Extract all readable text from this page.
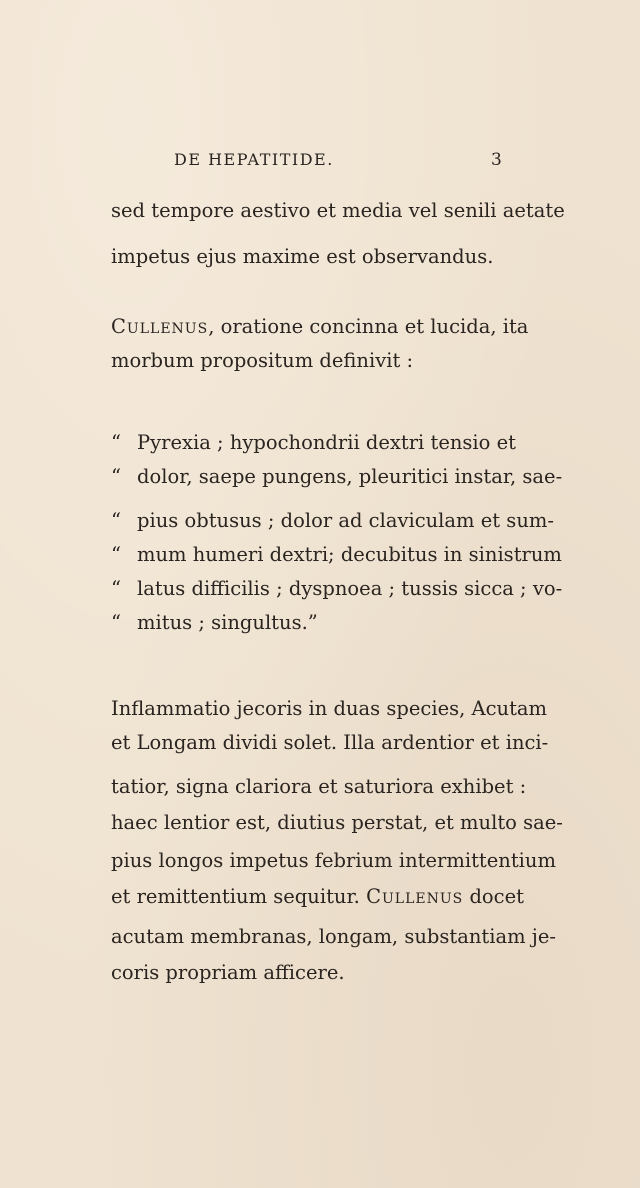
DE HEPATITIDE.	3
sed tempore aestivo et media vel senili aetate
impetus ejus maxime est observandus.
Cullenus, oratione concinna et lucida, ita
morbum propositum definivit :
“ Pyrexia ; hypochondrii dextri tensio et
“ dolor, saepe pungens, pleuritici instar, sae-
“ pius obtusus ; dolor ad claviculam et sum-
“ mum humeri dextri; decubitus in sinistrum
“ latus difficilis ; dyspnoea ; tussis sicca ; vo-
“ mitus ; singultus.”
Inflammatio jecoris in duas species, Acutam
et Longam dividi solet. Illa ardentior et inci-
tatior, signa clariora et saturiora exhibet :
haec lentior est, diutius perstat, et multo sae-
pius longos impetus febrium intermittentium
et remittentium sequitur. Cullenus docet
acutam membranas, longam, substantiam je-
coris propriam afficere.
